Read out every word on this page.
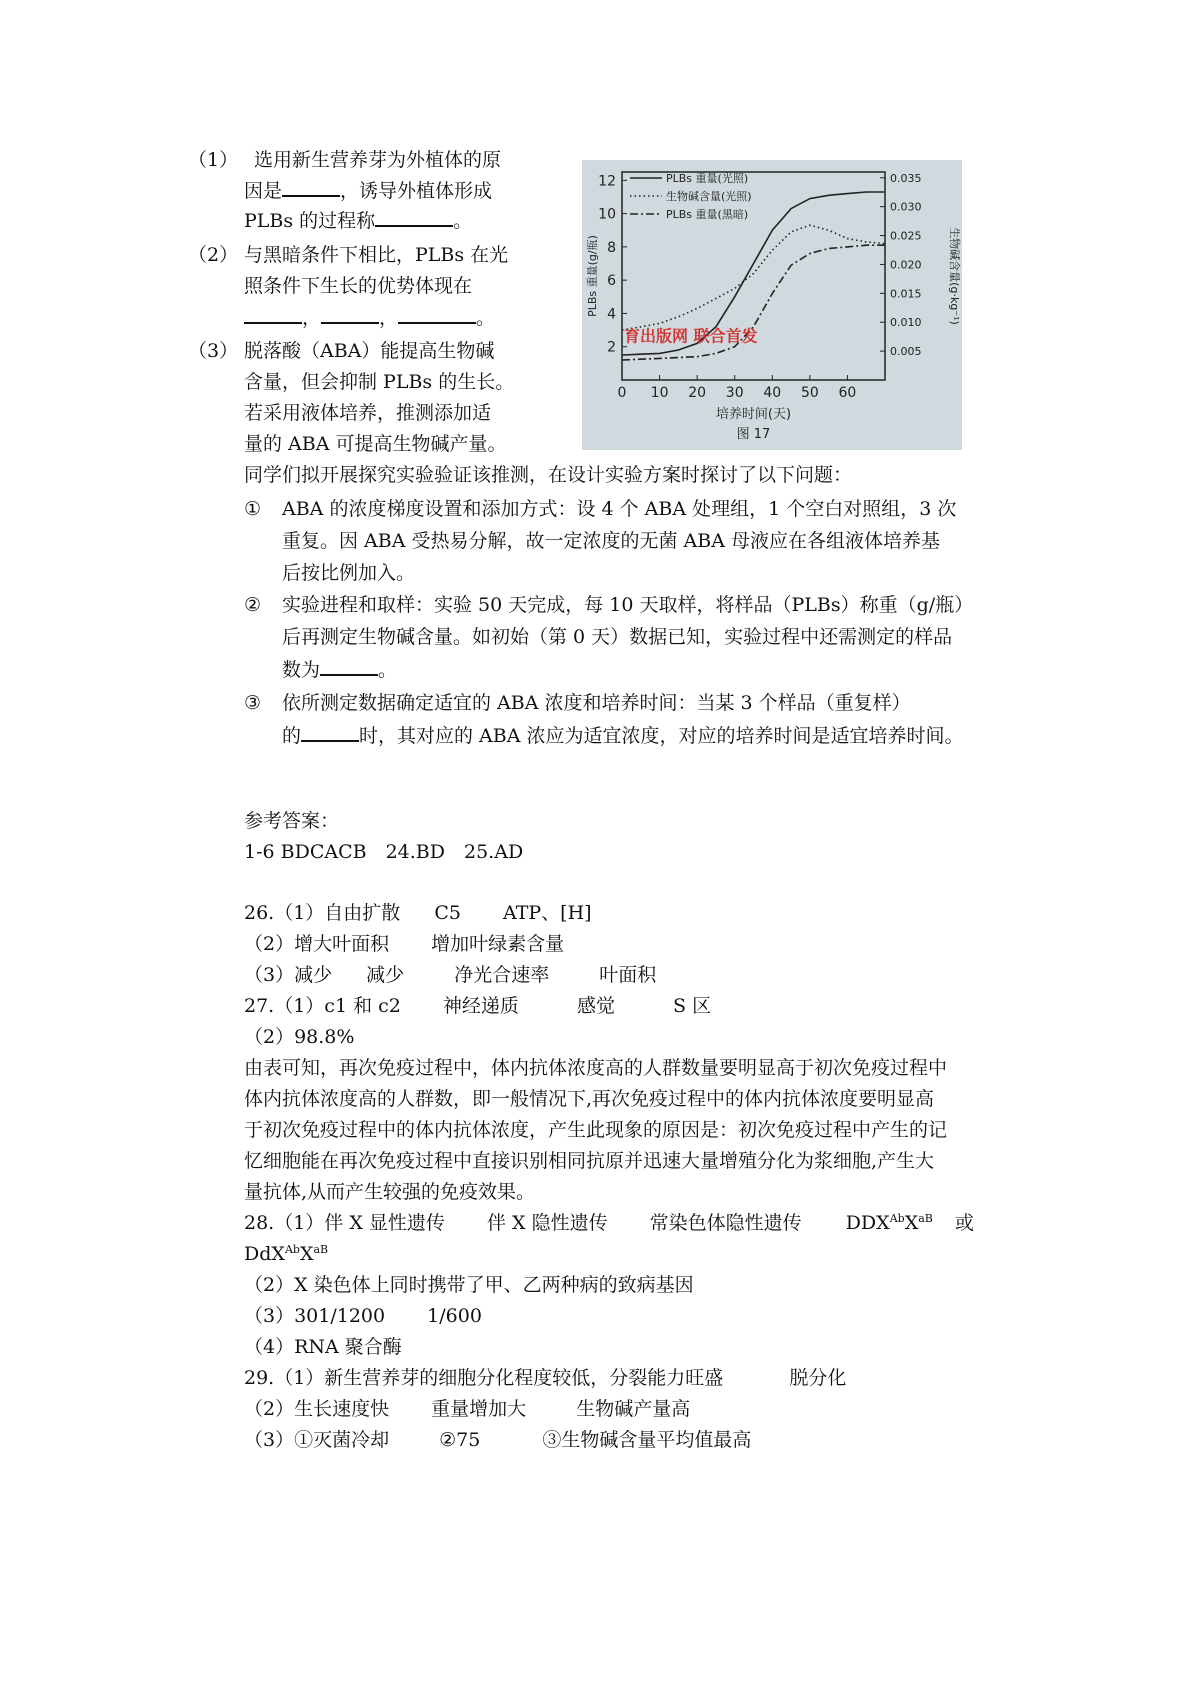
（1） 选用新生营养芽为外植体的原
因是	，诱导外植体形成
PLBs 的过程称	。
（2） 与黑暗条件下相比，PLBs 在光
照条件下生长的优势体现在
，	，	。
（3） 脱落酸（ABA）能提高生物碱
含量，但会抑制 PLBs 的生长。
若采用液体培养，推测添加适
量的 ABA 可提高生物碱产量。
同学们拟开展探究实验验证该推测，在设计实验方案时探讨了以下问题：
① ABA 的浓度梯度设置和添加方式：设 4 个 ABA 处理组，1 个空白对照组，3 次
重复。因 ABA 受热易分解，故一定浓度的无菌 ABA 母液应在各组液体培养基
后按比例加入。
② 实验进程和取样：实验 50 天完成，每 10 天取样，将样品（PLBs）称重（g/瓶）
后再测定生物碱含量。如初始（第 0 天）数据已知，实验过程中还需测定的样品
数为	。
③ 依所测定数据确定适宜的 ABA 浓度和培养时间：当某 3 个样品（重复样）
的	时，其对应的 ABA 浓应为适宜浓度，对应的培养时间是适宜培养时间。
0 10 20 30 40 50 60
2
4
6
8
10
12
0.005
0.010
0.015
0.020
0.025
0.030
0.035
培养时间(天)
图 17
PLBs 重量(g/瓶)	生物碱含量(g·kg⁻¹)
PLBs 重量(光照)
生物碱含量(光照)
PLBs 重量(黑暗)
育出版网 联合首发
参考答案：
1-6 BDCACB　24.BD　25.AD
26.（1）自由扩散 C5 ATP、[H]
（2）增大叶面积 增加叶绿素含量
（3）减少 减少	净光合速率	叶面积
27.（1）c1 和 c2 神经递质	感觉	S 区
（2）98.8%
由表可知，再次免疫过程中，体内抗体浓度高的人群数量要明显高于初次免疫过程中
体内抗体浓度高的人群数，即一般情况下,再次免疫过程中的体内抗体浓度要明显高
于初次免疫过程中的体内抗体浓度，产生此现象的原因是：初次免疫过程中产生的记
忆细胞能在再次免疫过程中直接识别相同抗原并迅速大量增殖分化为浆细胞,产生大
量抗体,从而产生较强的免疫效果。
28.（1）伴 X 显性遗传 伴 X 隐性遗传 常染色体隐性遗传 $DDX^{Ab}X^{aB}$ 或
$DdX^{Ab}X^{aB}$
（2）X 染色体上同时携带了甲、乙两种病的致病基因
（3）301/1200 1/600
（4）RNA 聚合酶
29.（1）新生营养芽的细胞分化程度较低，分裂能力旺盛	脱分化
（2）生长速度快 重量增加大	生物碱产量高
（3）①灭菌冷却	②75	③生物碱含量平均值最高
